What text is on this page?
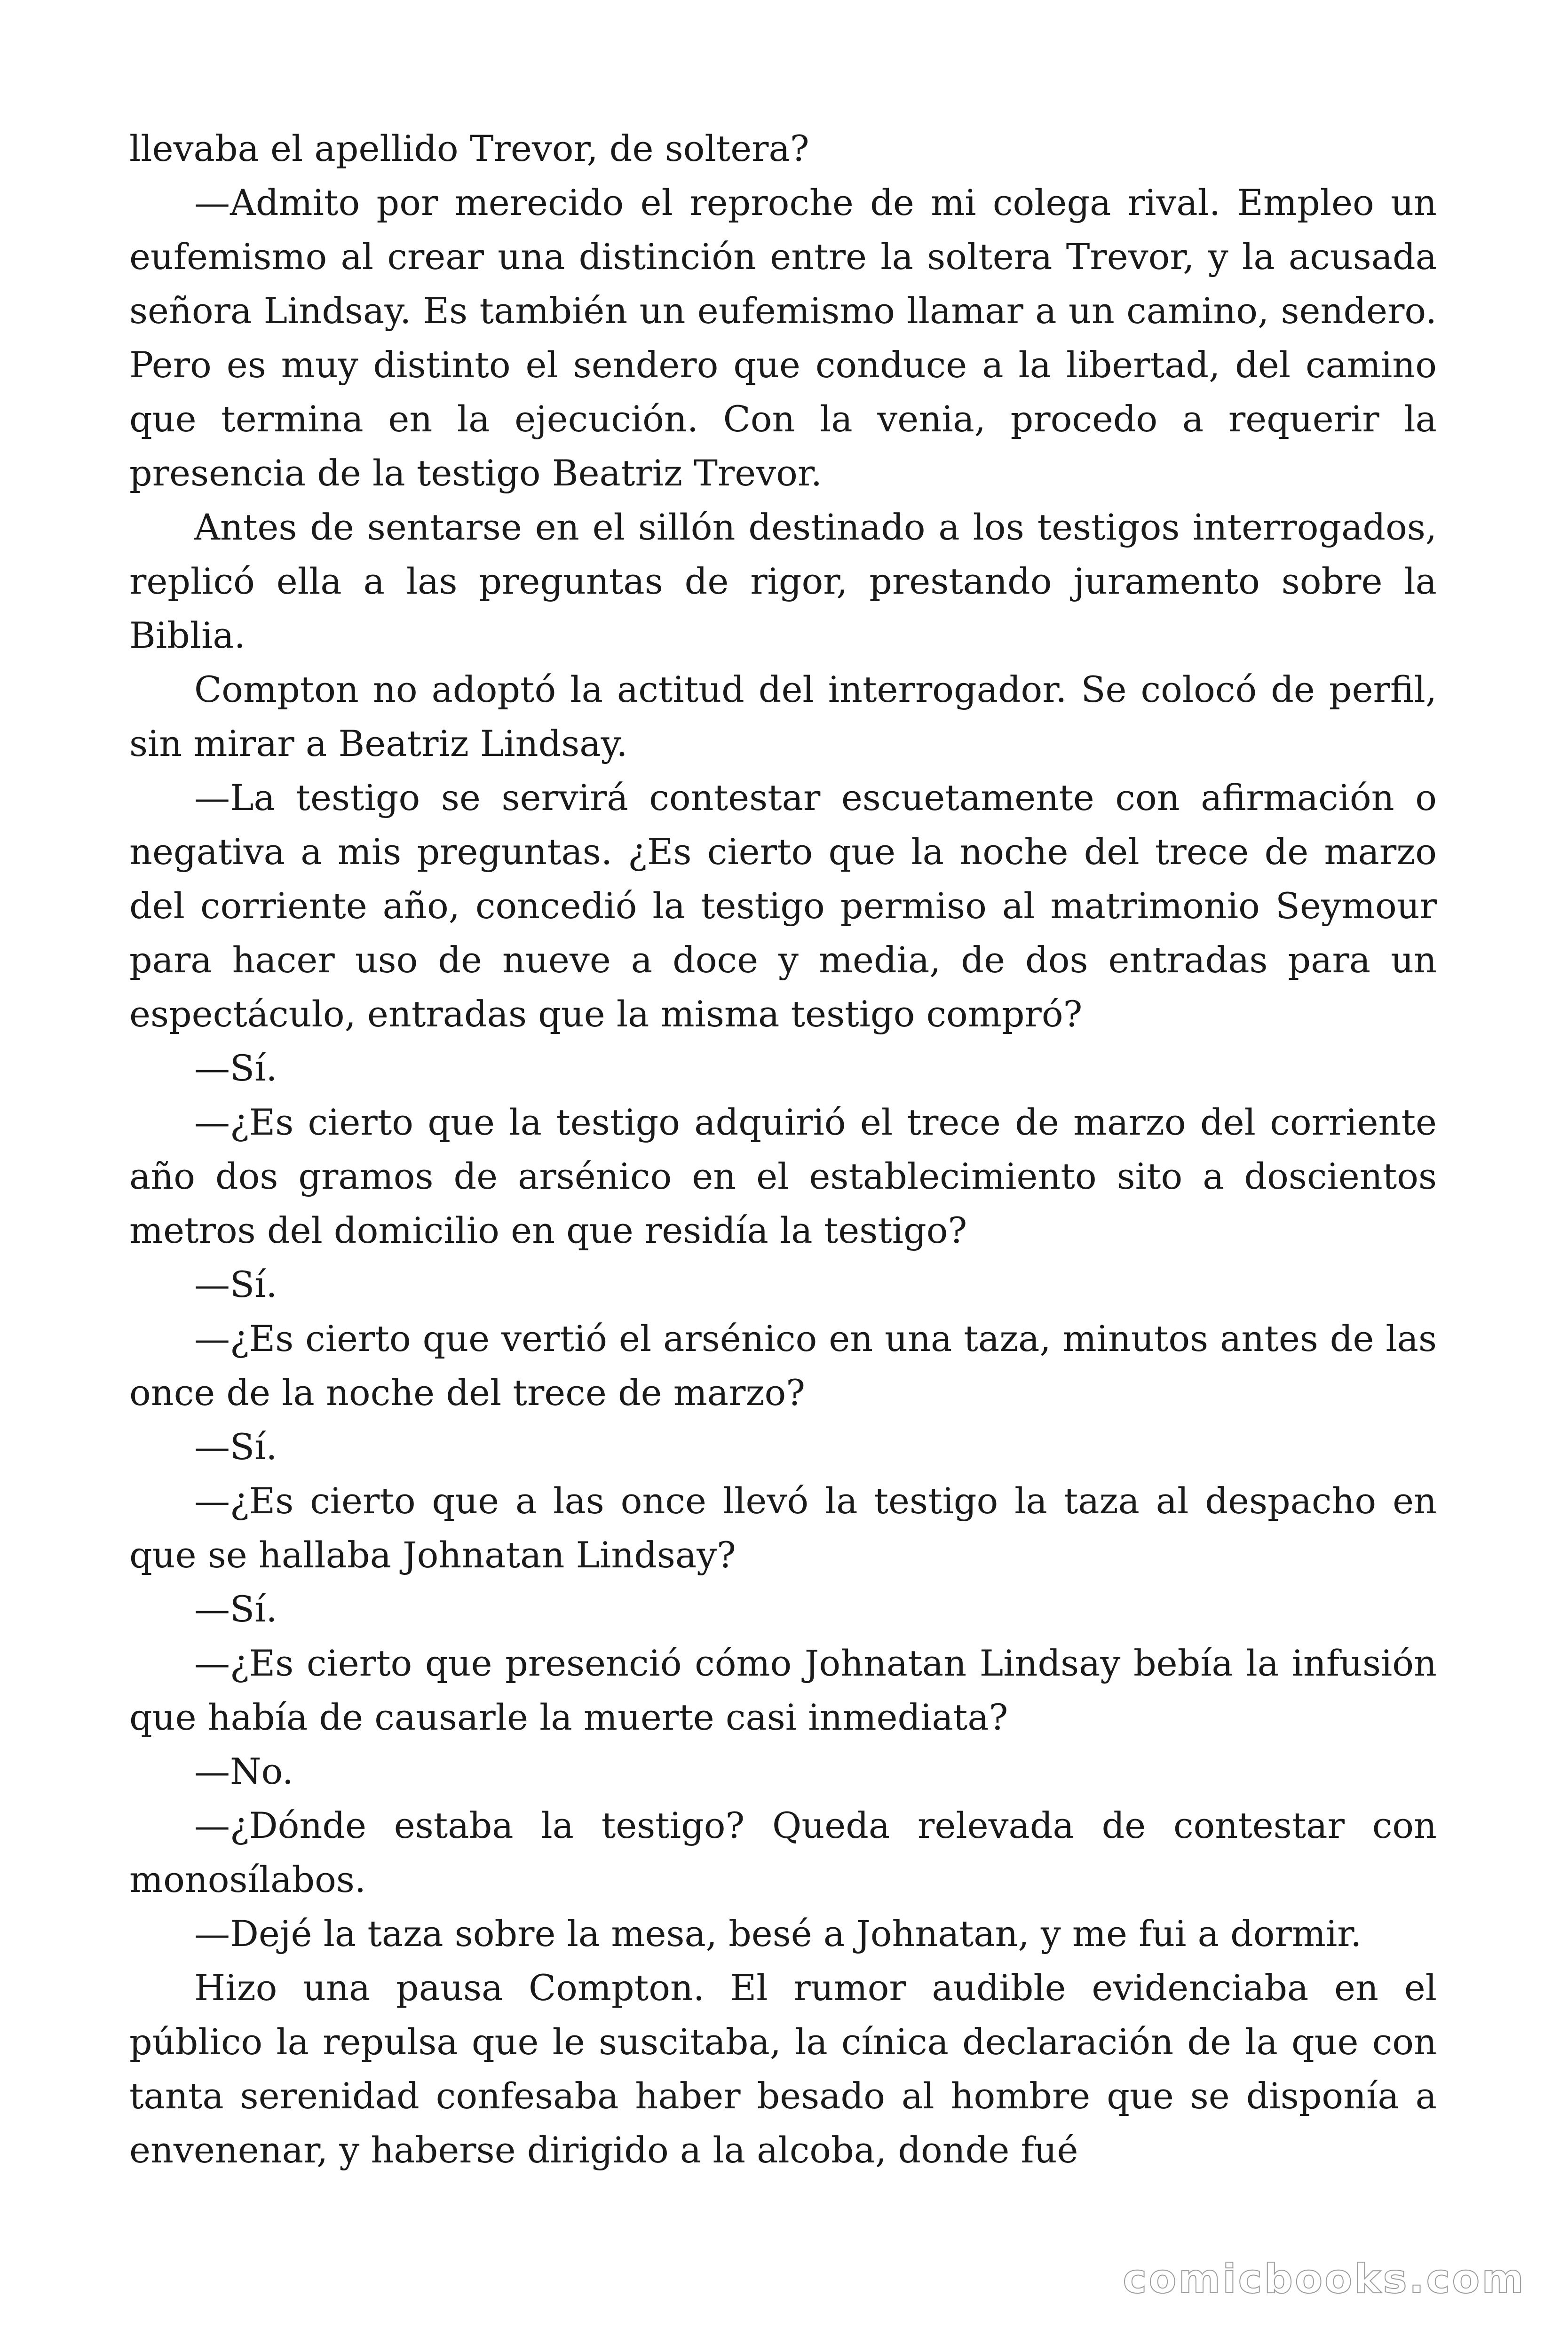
llevaba el apellido Trevor, de soltera?

—Admito por merecido el reproche de mi colega rival. Empleo un eufemismo al crear una distinción entre la soltera Trevor, y la acusada señora Lindsay. Es también un eufemismo llamar a un camino, sendero. Pero es muy distinto el sendero que conduce a la libertad, del camino que termina en la ejecución. Con la venia, procedo a requerir la presencia de la testigo Beatriz Trevor.

Antes de sentarse en el sillón destinado a los testigos interrogados, replicó ella a las preguntas de rigor, prestando juramento sobre la Biblia.

Compton no adoptó la actitud del interrogador. Se colocó de perfil, sin mirar a Beatriz Lindsay.

—La testigo se servirá contestar escuetamente con afirmación o negativa a mis preguntas. ¿Es cierto que la noche del trece de marzo del corriente año, concedió la testigo permiso al matrimonio Seymour para hacer uso de nueve a doce y media, de dos entradas para un espectáculo, entradas que la misma testigo compró?

—Sí.

—¿Es cierto que la testigo adquirió el trece de marzo del corriente año dos gramos de arsénico en el establecimiento sito a doscientos metros del domicilio en que residía la testigo?

—Sí.

—¿Es cierto que vertió el arsénico en una taza, minutos antes de las once de la noche del trece de marzo?

—Sí.

—¿Es cierto que a las once llevó la testigo la taza al despacho en que se hallaba Johnatan Lindsay?

—Sí.

—¿Es cierto que presenció cómo Johnatan Lindsay bebía la infusión que había de causarle la muerte casi inmediata?

—No.

—¿Dónde estaba la testigo? Queda relevada de contestar con monosílabos.

—Dejé la taza sobre la mesa, besé a Johnatan, y me fui a dormir.

Hizo una pausa Compton. El rumor audible evidenciaba en el público la repulsa que le suscitaba, la cínica declaración de la que con tanta serenidad confesaba haber besado al hombre que se disponía a envenenar, y haberse dirigido a la alcoba, donde fué

comicbooks.com
